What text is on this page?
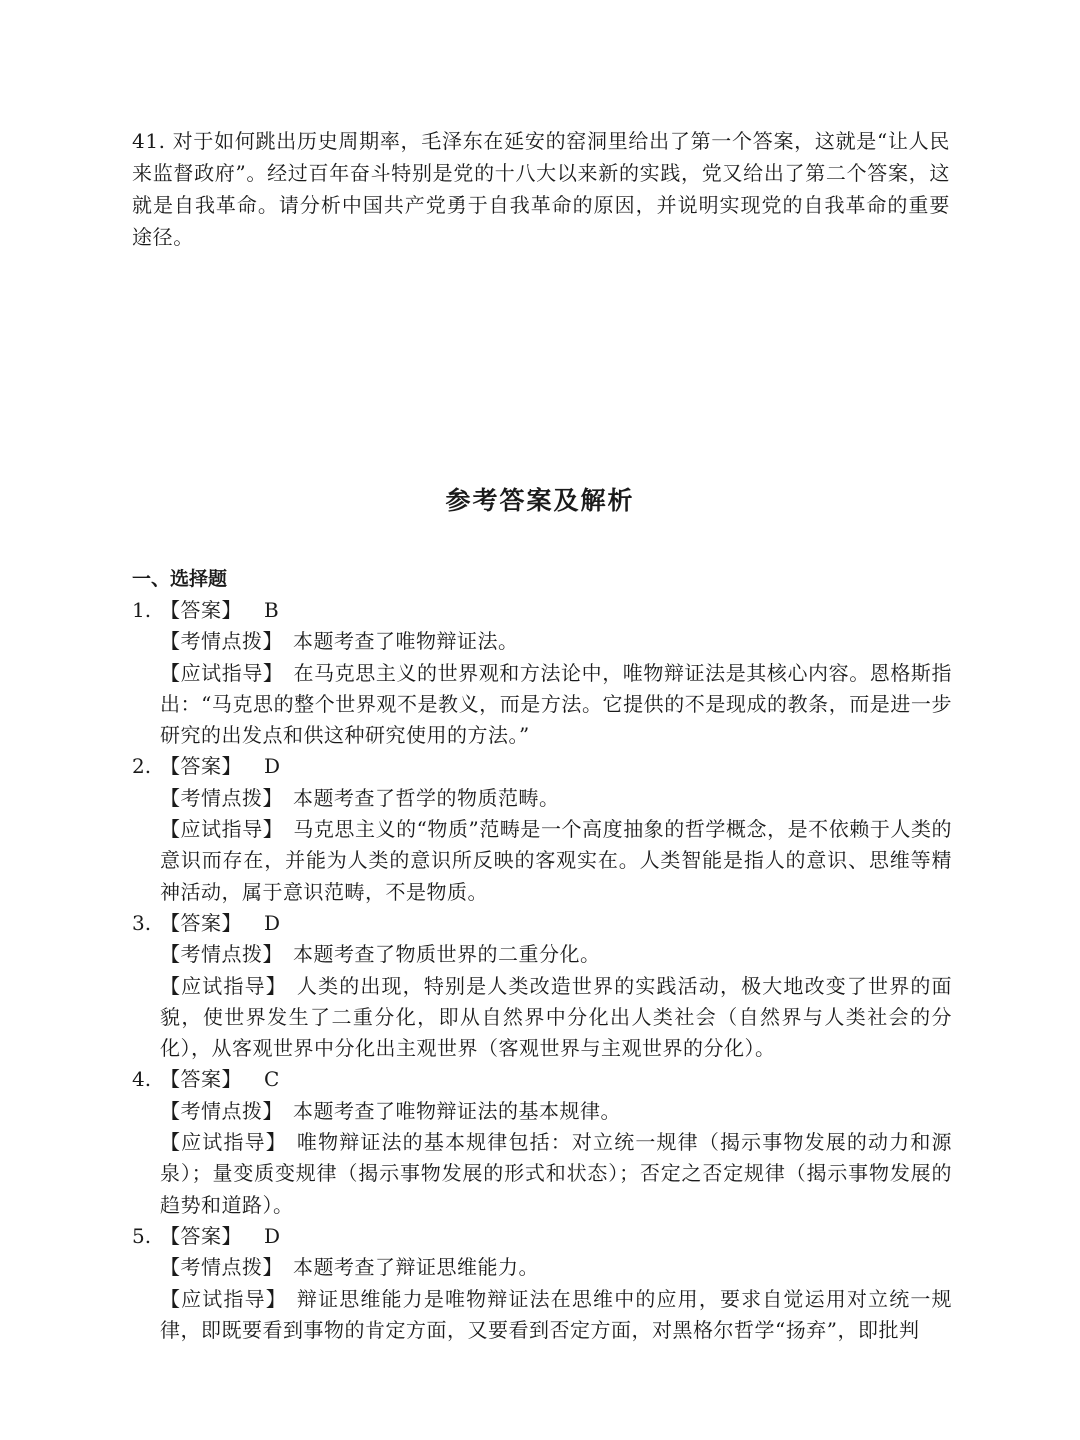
41. 对于如何跳出历史周期率，毛泽东在延安的窑洞里给出了第一个答案，这就是“让人民来监督政府”。经过百年奋斗特别是党的十八大以来新的实践，党又给出了第二个答案，这就是自我革命。请分析中国共产党勇于自我革命的原因，并说明实现党的自我革命的重要途径。
参考答案及解析
一、选择题
1. 【答案】 B
【考情点拨】 本题考查了唯物辩证法。
【应试指导】 在马克思主义的世界观和方法论中，唯物辩证法是其核心内容。恩格斯指出：“马克思的整个世界观不是教义，而是方法。它提供的不是现成的教条，而是进一步研究的出发点和供这种研究使用的方法。”
2. 【答案】 D
【考情点拨】 本题考查了哲学的物质范畴。
【应试指导】 马克思主义的“物质”范畴是一个高度抽象的哲学概念，是不依赖于人类的意识而存在，并能为人类的意识所反映的客观实在。人类智能是指人的意识、思维等精神活动，属于意识范畴，不是物质。
3. 【答案】 D
【考情点拨】 本题考查了物质世界的二重分化。
【应试指导】 人类的出现，特别是人类改造世界的实践活动，极大地改变了世界的面貌，使世界发生了二重分化，即从自然界中分化出人类社会（自然界与人类社会的分化），从客观世界中分化出主观世界（客观世界与主观世界的分化）。
4. 【答案】 C
【考情点拨】 本题考查了唯物辩证法的基本规律。
【应试指导】 唯物辩证法的基本规律包括：对立统一规律（揭示事物发展的动力和源泉）；量变质变规律（揭示事物发展的形式和状态）；否定之否定规律（揭示事物发展的趋势和道路）。
5. 【答案】 D
【考情点拨】 本题考查了辩证思维能力。
【应试指导】 辩证思维能力是唯物辩证法在思维中的应用，要求自觉运用对立统一规律，即既要看到事物的肯定方面，又要看到否定方面，对黑格尔哲学“扬弃”，即批判
